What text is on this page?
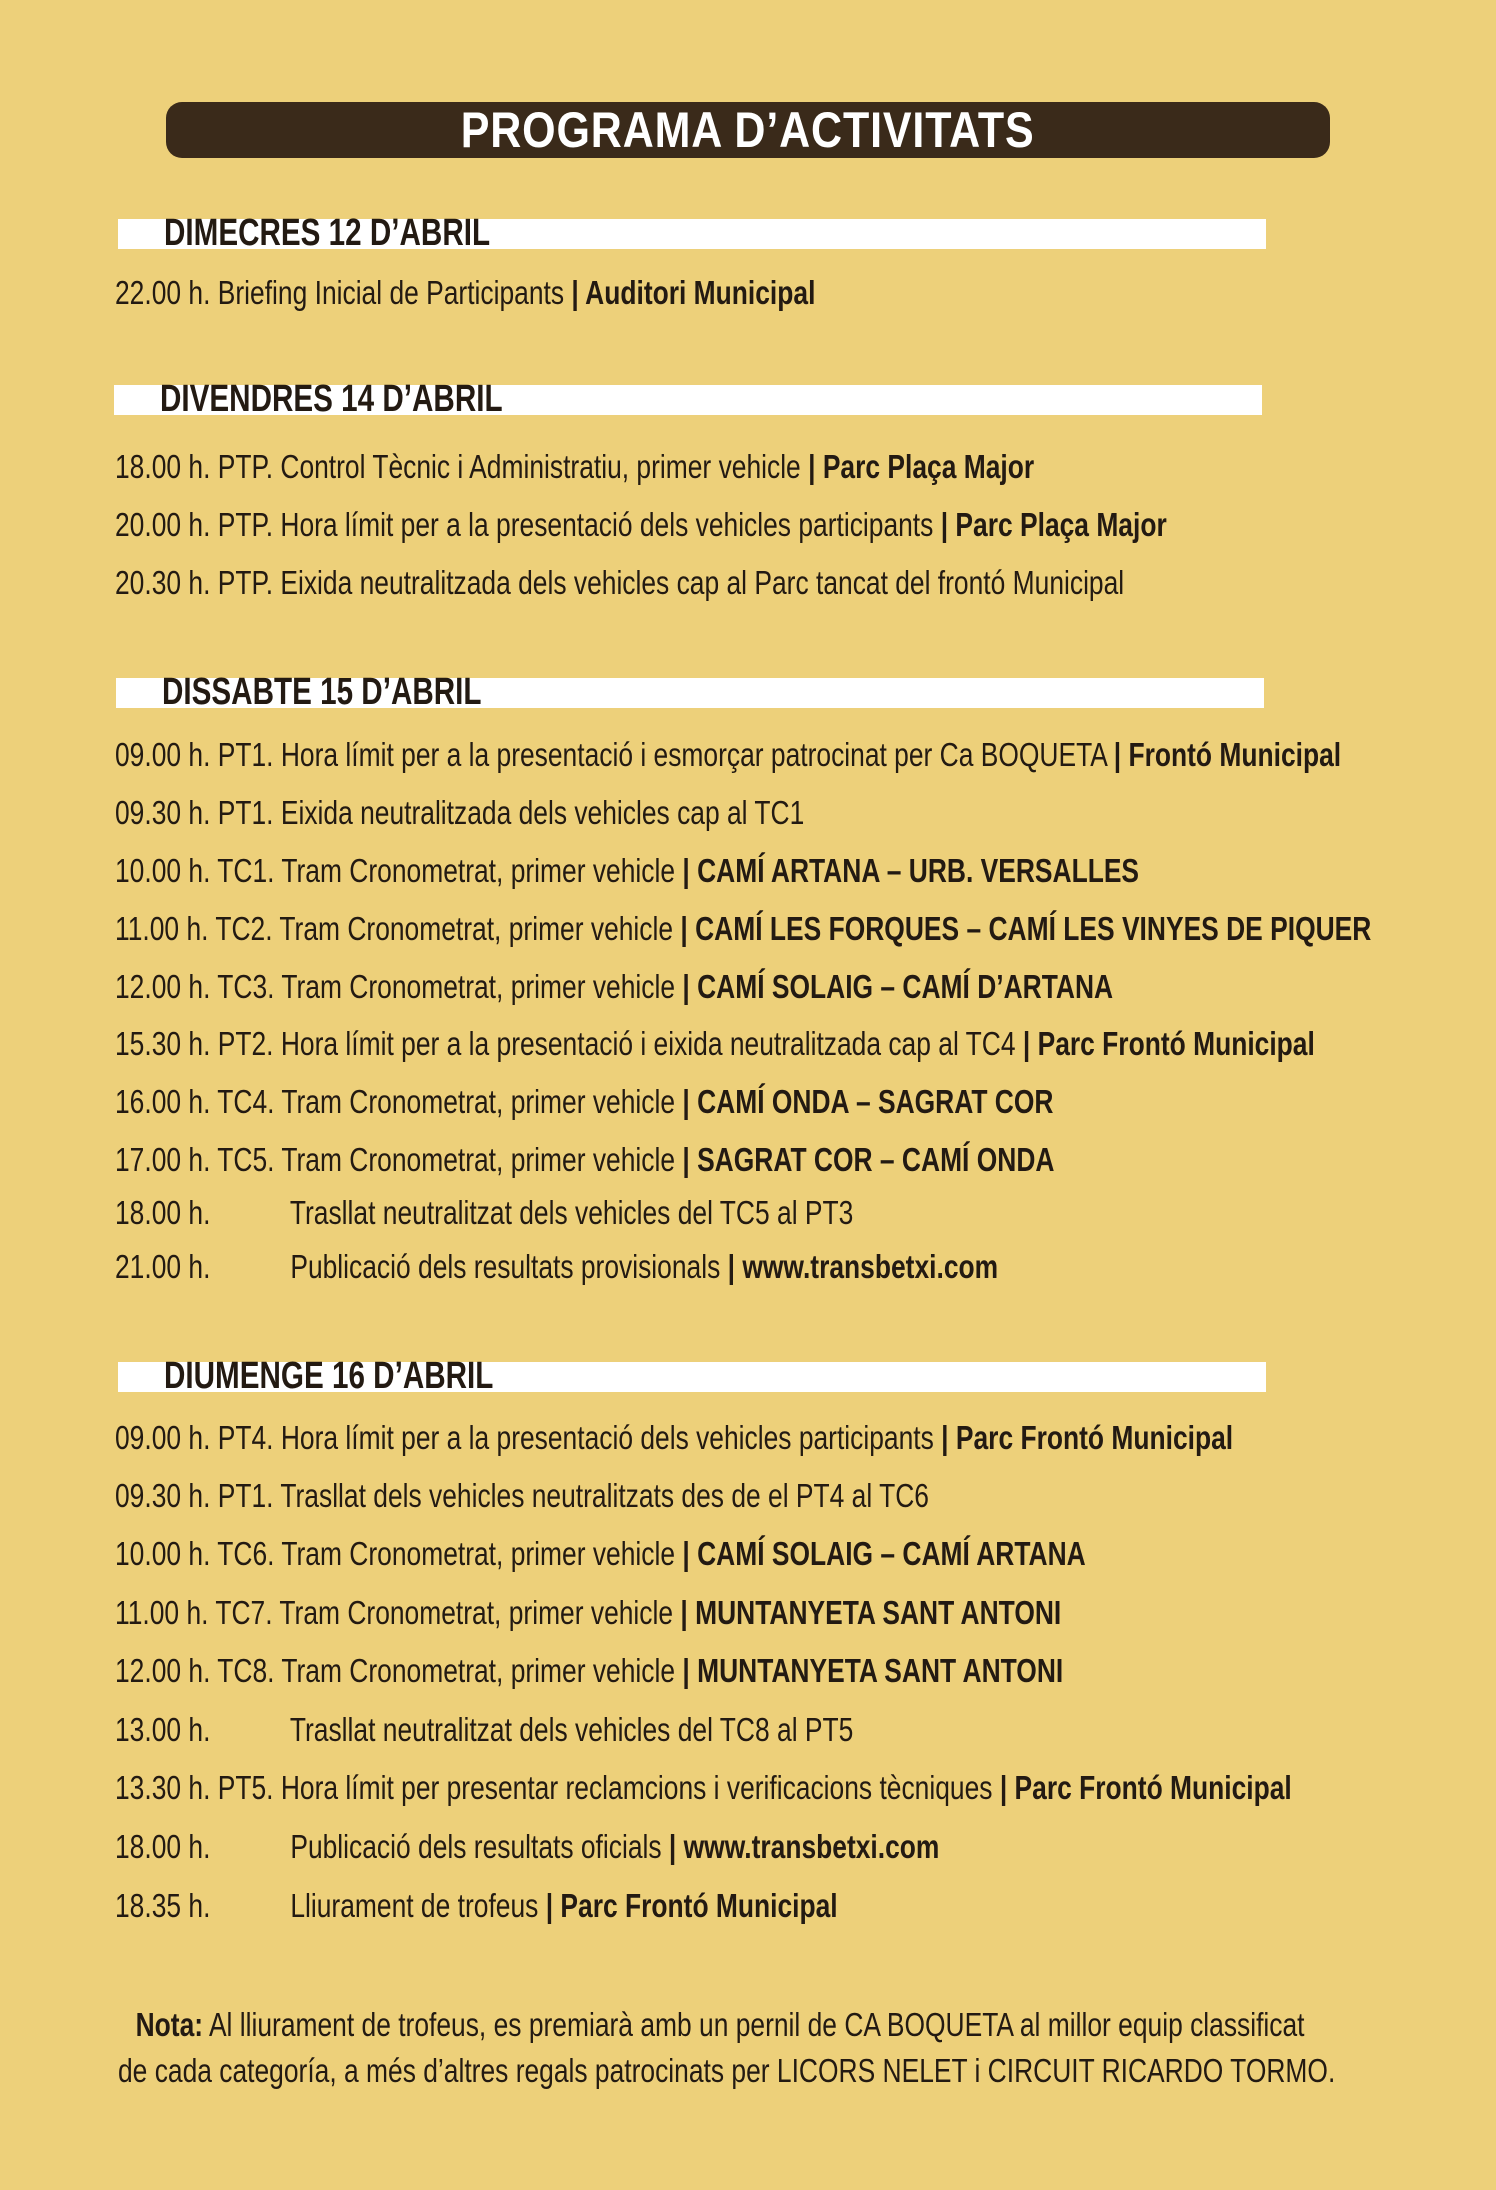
PROGRAMA D’ACTIVITATS
DIMECRES 12 D’ABRIL
22.00 h. Briefing Inicial de Participants | Auditori Municipal
DIVENDRES 14 D’ABRIL
18.00 h. PTP. Control Tècnic i Administratiu, primer vehicle | Parc Plaça Major
20.00 h. PTP. Hora límit per a la presentació dels vehicles participants | Parc Plaça Major
20.30 h. PTP. Eixida neutralitzada dels vehicles cap al Parc tancat del frontó Municipal
DISSABTE 15 D’ABRIL
09.00 h. PT1. Hora límit per a la presentació i esmorçar patrocinat per Ca BOQUETA | Frontó Municipal
09.30 h. PT1. Eixida neutralitzada dels vehicles cap al TC1
10.00 h. TC1. Tram Cronometrat, primer vehicle | CAMÍ ARTANA – URB. VERSALLES
11.00 h. TC2. Tram Cronometrat, primer vehicle | CAMÍ LES FORQUES – CAMÍ LES VINYES DE PIQUER
12.00 h. TC3. Tram Cronometrat, primer vehicle | CAMÍ SOLAIG – CAMÍ D’ARTANA
15.30 h. PT2. Hora límit per a la presentació i eixida neutralitzada cap al TC4 | Parc Frontó Municipal
16.00 h. TC4. Tram Cronometrat, primer vehicle | CAMÍ ONDA – SAGRAT COR
17.00 h. TC5. Tram Cronometrat, primer vehicle | SAGRAT COR – CAMÍ ONDA
18.00 h. Trasllat neutralitzat dels vehicles del TC5 al PT3
21.00 h. Publicació dels resultats provisionals | www.transbetxi.com
DIUMENGE 16 D’ABRIL
09.00 h. PT4. Hora límit per a la presentació dels vehicles participants | Parc Frontó Municipal
09.30 h. PT1. Trasllat dels vehicles neutralitzats des de el PT4 al TC6
10.00 h. TC6. Tram Cronometrat, primer vehicle | CAMÍ SOLAIG – CAMÍ ARTANA
11.00 h. TC7. Tram Cronometrat, primer vehicle | MUNTANYETA SANT ANTONI
12.00 h. TC8. Tram Cronometrat, primer vehicle | MUNTANYETA SANT ANTONI
13.00 h. Trasllat neutralitzat dels vehicles del TC8 al PT5
13.30 h. PT5. Hora límit per presentar reclamcions i verificacions tècniques | Parc Frontó Municipal
18.00 h. Publicació dels resultats oficials | www.transbetxi.com
18.35 h. Lliurament de trofeus | Parc Frontó Municipal
Nota: Al lliurament de trofeus, es premiarà amb un pernil de CA BOQUETA al millor equip classificat
de cada categoría, a més d’altres regals patrocinats per LICORS NELET i CIRCUIT RICARDO TORMO.
